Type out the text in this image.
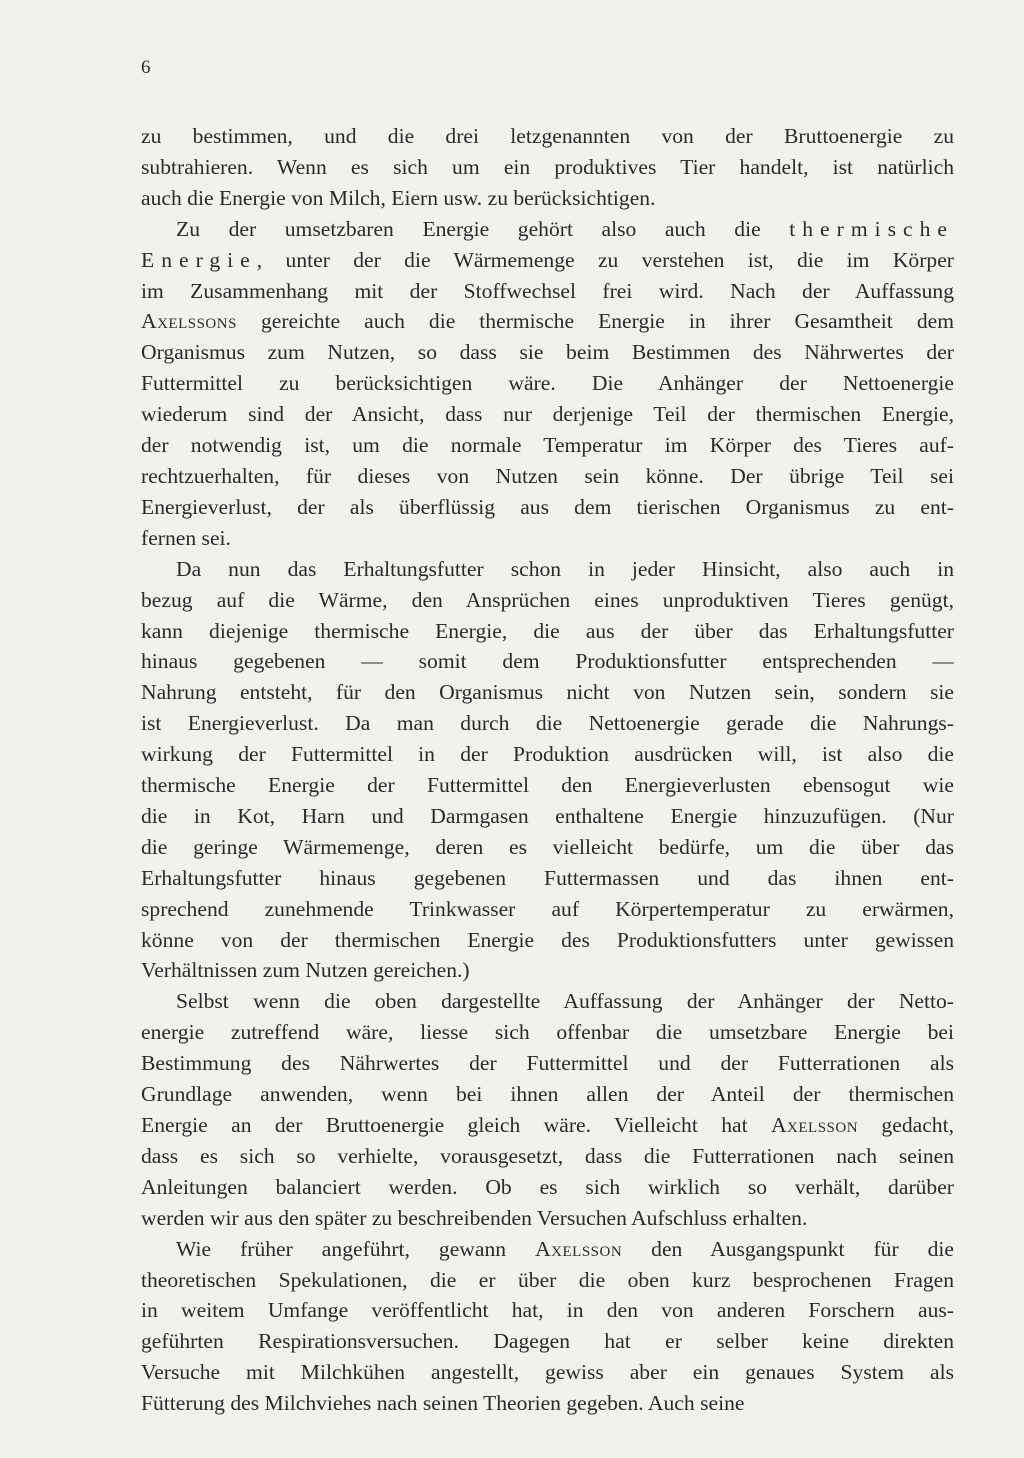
6

zu bestimmen, und die drei letzgenannten von der Bruttoenergie zu
subtrahieren. Wenn es sich um ein produktives Tier handelt, ist natürlich
auch die Energie von Milch, Eiern usw. zu berücksichtigen.

Zu der umsetzbaren Energie gehört also auch die thermische
Energie, unter der die Wärmemenge zu verstehen ist, die im Körper
im Zusammenhang mit der Stoffwechsel frei wird. Nach der Auffassung
Axelssons gereichte auch die thermische Energie in ihrer Gesamtheit dem
Organismus zum Nutzen, so dass sie beim Bestimmen des Nährwertes der
Futtermittel zu berücksichtigen wäre. Die Anhänger der Nettoenergie
wiederum sind der Ansicht, dass nur derjenige Teil der thermischen Energie,
der notwendig ist, um die normale Temperatur im Körper des Tieres auf-
rechtzuerhalten, für dieses von Nutzen sein könne. Der übrige Teil sei
Energieverlust, der als überflüssig aus dem tierischen Organismus zu ent-
fernen sei.

Da nun das Erhaltungsfutter schon in jeder Hinsicht, also auch in
bezug auf die Wärme, den Ansprüchen eines unproduktiven Tieres genügt,
kann diejenige thermische Energie, die aus der über das Erhaltungsfutter
hinaus gegebenen — somit dem Produktionsfutter entsprechenden —
Nahrung entsteht, für den Organismus nicht von Nutzen sein, sondern sie
ist Energieverlust. Da man durch die Nettoenergie gerade die Nahrungs-
wirkung der Futtermittel in der Produktion ausdrücken will, ist also die
thermische Energie der Futtermittel den Energieverlusten ebensogut wie
die in Kot, Harn und Darmgasen enthaltene Energie hinzuzufügen. (Nur
die geringe Wärmemenge, deren es vielleicht bedürfe, um die über das
Erhaltungsfutter hinaus gegebenen Futtermassen und das ihnen ent-
sprechend zunehmende Trinkwasser auf Körpertemperatur zu erwärmen,
könne von der thermischen Energie des Produktionsfutters unter gewissen
Verhältnissen zum Nutzen gereichen.)

Selbst wenn die oben dargestellte Auffassung der Anhänger der Netto-
energie zutreffend wäre, liesse sich offenbar die umsetzbare Energie bei
Bestimmung des Nährwertes der Futtermittel und der Futterrationen als
Grundlage anwenden, wenn bei ihnen allen der Anteil der thermischen
Energie an der Bruttoenergie gleich wäre. Vielleicht hat Axelsson gedacht,
dass es sich so verhielte, vorausgesetzt, dass die Futterrationen nach seinen
Anleitungen balanciert werden. Ob es sich wirklich so verhält, darüber
werden wir aus den später zu beschreibenden Versuchen Aufschluss erhalten.

Wie früher angeführt, gewann Axelsson den Ausgangspunkt für die
theoretischen Spekulationen, die er über die oben kurz besprochenen Fragen
in weitem Umfange veröffentlicht hat, in den von anderen Forschern aus-
geführten Respirationsversuchen. Dagegen hat er selber keine direkten
Versuche mit Milchkühen angestellt, gewiss aber ein genaues System als
Fütterung des Milchviehes nach seinen Theorien gegeben. Auch seine
